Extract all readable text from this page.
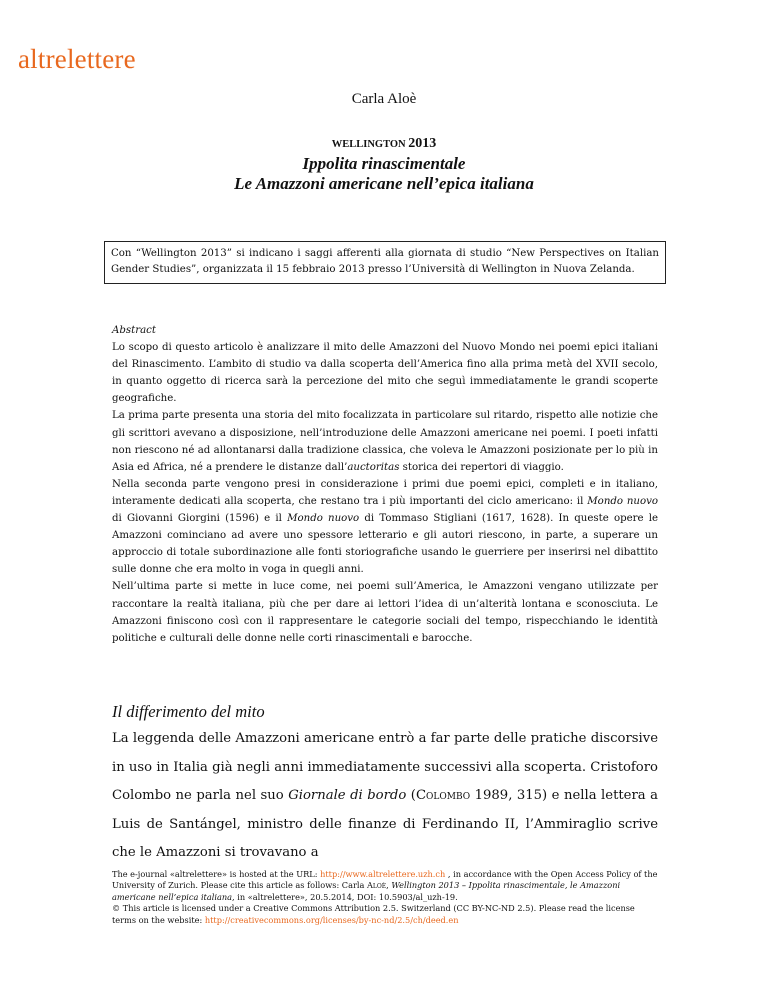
altrelettere
Carla Aloè
WELLINGTON 2013
Ippolita rinascimentale
Le Amazzoni americane nell’epica italiana
Con “Wellington 2013” si indicano i saggi afferenti alla giornata di studio “New Perspectives on Italian Gender Studies”, organizzata il 15 febbraio 2013 presso l’Università di Wellington in Nuova Zelanda.

Abstract

Lo scopo di questo articolo è analizzare il mito delle Amazzoni del Nuovo Mondo nei poemi epici italiani del Rinascimento. L’ambito di studio va dalla scoperta dell’America fino alla prima metà del XVII secolo, in quanto oggetto di ricerca sarà la percezione del mito che seguì immediatamente le grandi scoperte geografiche.

La prima parte presenta una storia del mito focalizzata in particolare sul ritardo, rispetto alle notizie che gli scrittori avevano a disposizione, nell’introduzione delle Amazzoni americane nei poemi. I poeti infatti non riescono né ad allontanarsi dalla tradizione classica, che voleva le Amazzoni posizionate per lo più in Asia ed Africa, né a prendere le distanze dall’auctoritas storica dei repertori di viaggio.

Nella seconda parte vengono presi in considerazione i primi due poemi epici, completi e in italiano, interamente dedicati alla scoperta, che restano tra i più importanti del ciclo americano: il Mondo nuovo di Giovanni Giorgini (1596) e il Mondo nuovo di Tommaso Stigliani (1617, 1628). In queste opere le Amazzoni cominciano ad avere uno spessore letterario e gli autori riescono, in parte, a superare un approccio di totale subordinazione alle fonti storiografiche usando le guerriere per inserirsi nel dibattito sulle donne che era molto in voga in quegli anni.

Nell’ultima parte si mette in luce come, nei poemi sull’America, le Amazzoni vengano utilizzate per raccontare la realtà italiana, più che per dare ai lettori l’idea di un’alterità lontana e sconosciuta. Le Amazzoni finiscono così con il rappresentare le categorie sociali del tempo, rispecchiando le identità politiche e culturali delle donne nelle corti rinascimentali e barocche.

Il differimento del mito

La leggenda delle Amazzoni americane entrò a far parte delle pratiche discorsive in uso in Italia già negli anni immediatamente successivi alla scoperta. Cristoforo Colombo ne parla nel suo Giornale di bordo (Colombo 1989, 315) e nella lettera a Luis de Santángel, ministro delle finanze di Ferdinando II, l’Ammiraglio scrive che le Amazzoni si trovavano a

The e-journal «altrelettere» is hosted at the URL: http://www.altrelettere.uzh.ch , in accordance with the Open Access Policy of the University of Zurich. Please cite this article as follows: Carla Aloè, Wellington 2013 – Ippolita rinascimentale, le Amazzoni americane nell’epica italiana, in «altrelettere», 20.5.2014, DOI: 10.5903/al_uzh-19.

© This article is licensed under a Creative Commons Attribution 2.5. Switzerland (CC BY-NC-ND 2.5). Please read the license terms on the website: http://creativecommons.org/licenses/by-nc-nd/2.5/ch/deed.en
